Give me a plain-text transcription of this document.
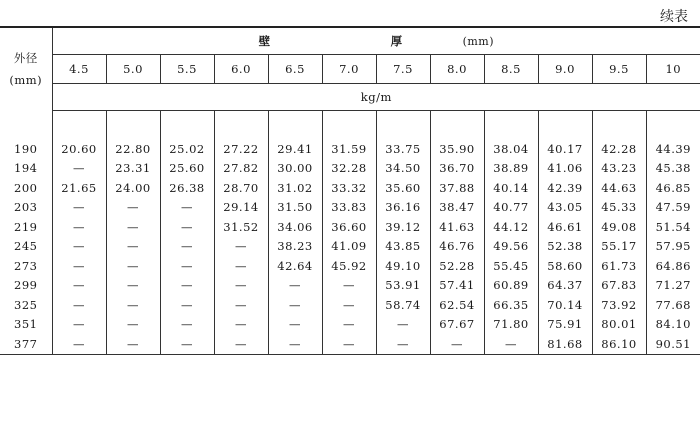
续表
外径
(mm)	壁 厚 (mm)											
	4.5	5.0	5.5	6.0	6.5	7.0	7.5	8.0	8.5	9.0	9.5	10
	kg/m											

190	20.60	22.80	25.02	27.22	29.41	31.59	33.75	35.90	38.04	40.17	42.28	44.39
194	—	23.31	25.60	27.82	30.00	32.28	34.50	36.70	38.89	41.06	43.23	45.38
200	21.65	24.00	26.38	28.70	31.02	33.32	35.60	37.88	40.14	42.39	44.63	46.85
203	—	—	—	29.14	31.50	33.83	36.16	38.47	40.77	43.05	45.33	47.59
219	—	—	—	31.52	34.06	36.60	39.12	41.63	44.12	46.61	49.08	51.54
245	—	—	—	—	38.23	41.09	43.85	46.76	49.56	52.38	55.17	57.95
273	—	—	—	—	42.64	45.92	49.10	52.28	55.45	58.60	61.73	64.86
299	—	—	—	—	—	—	53.91	57.41	60.89	64.37	67.83	71.27
325	—	—	—	—	—	—	58.74	62.54	66.35	70.14	73.92	77.68
351	—	—	—	—	—	—	—	67.67	71.80	75.91	80.01	84.10
377	—	—	—	—	—	—	—	—	—	81.68	86.10	90.51
